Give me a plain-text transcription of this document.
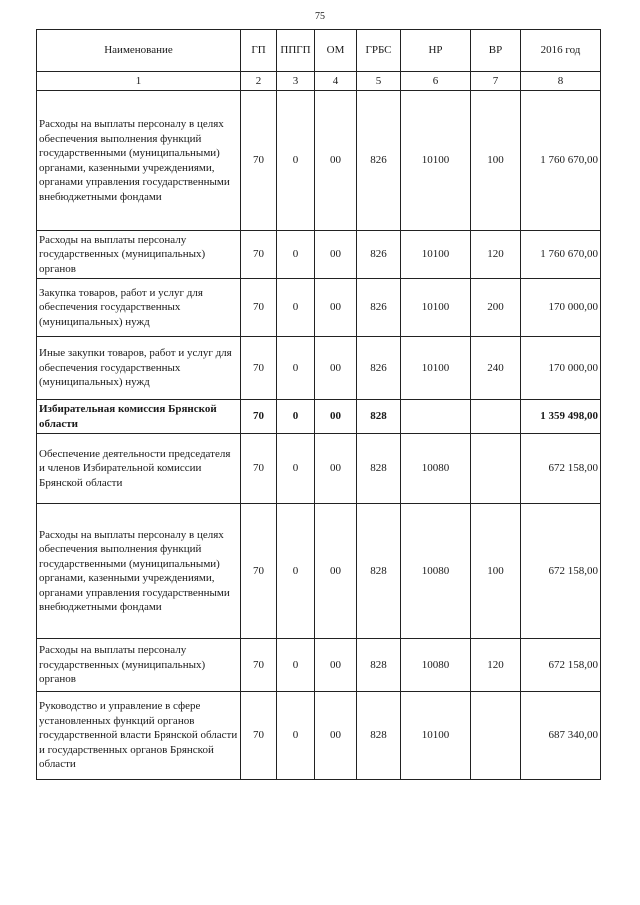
75
Наименование	ГП	ППГП	ОМ	ГРБС	НР	ВР	2016 год
1	2	3	4	5	6	7	8
Расходы на выплаты персоналу в целях обеспечения выполнения функций государственными (муниципальными) органами, казенными учреждениями, органами управления государственными внебюджетными фондами	70	0	00	826	10100	100	1 760 670,00
Расходы на выплаты персоналу государственных (муниципальных) органов	70	0	00	826	10100	120	1 760 670,00
Закупка товаров, работ и услуг для обеспечения государственных (муниципальных) нужд	70	0	00	826	10100	200	170 000,00
Иные закупки товаров, работ и услуг для обеспечения государственных (муниципальных) нужд	70	0	00	826	10100	240	170 000,00
Избирательная комиссия Брянской области	70	0	00	828			1 359 498,00
Обеспечение деятельности председателя и членов Избирательной комиссии Брянской области	70	0	00	828	10080		672 158,00
Расходы на выплаты персоналу в целях обеспечения выполнения функций государственными (муниципальными) органами, казенными учреждениями, органами управления государственными внебюджетными фондами	70	0	00	828	10080	100	672 158,00
Расходы на выплаты персоналу государственных (муниципальных) органов	70	0	00	828	10080	120	672 158,00
Руководство и управление в сфере установленных функций органов государственной власти Брянской области и государственных органов Брянской области	70	0	00	828	10100		687 340,00
